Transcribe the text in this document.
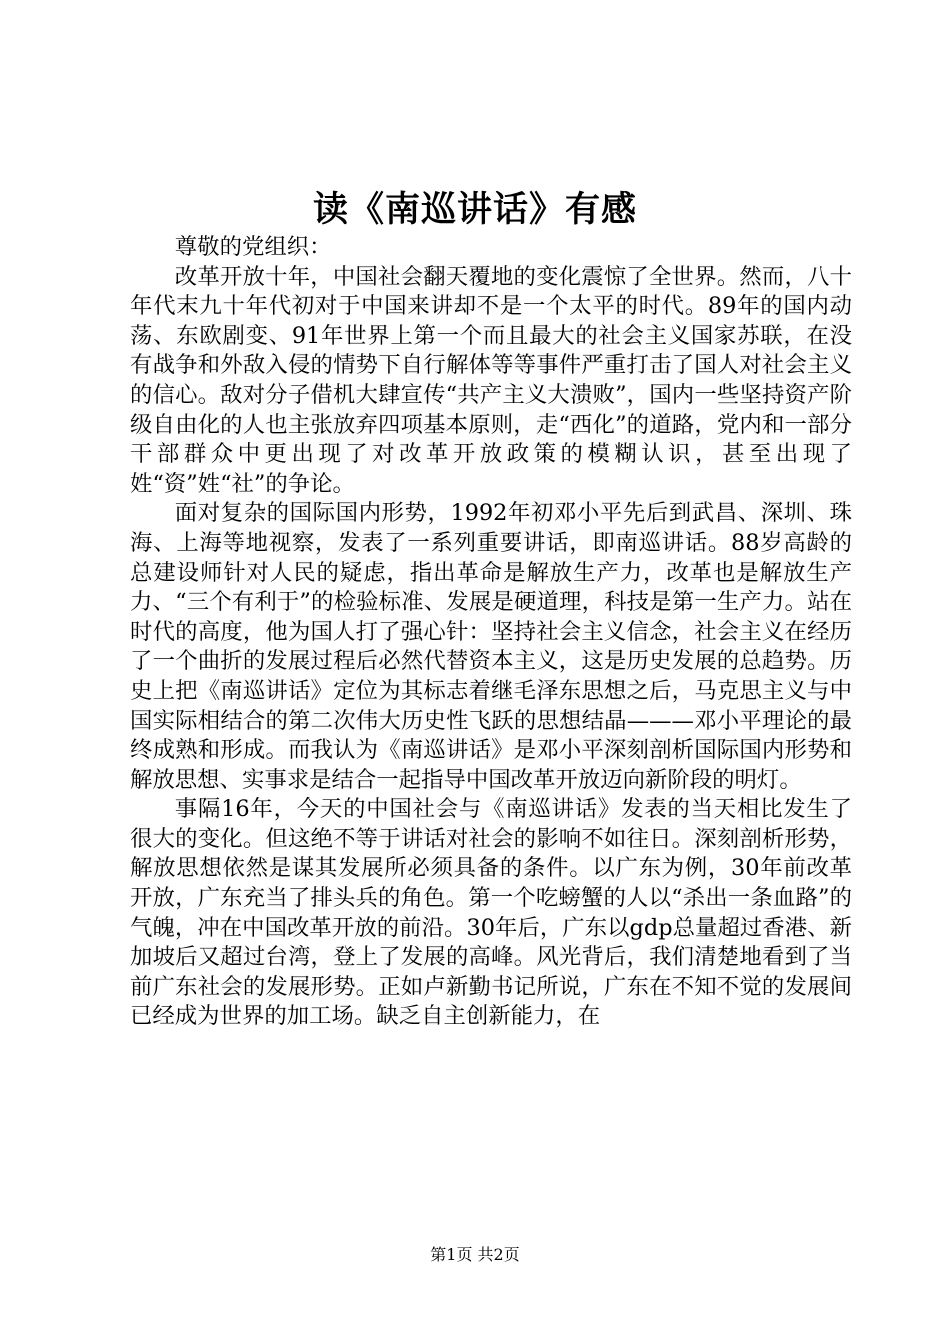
读《南巡讲话》有感

尊敬的党组织：

改革开放十年，中国社会翻天覆地的变化震惊了全世界。然而，八十年代末九十年代初对于中国来讲却不是一个太平的时代。89年的国内动荡、东欧剧变、91年世界上第一个而且最大的社会主义国家苏联，在没有战争和外敌入侵的情势下自行解体等等事件严重打击了国人对社会主义的信心。敌对分子借机大肆宣传“共产主义大溃败”，国内一些坚持资产阶级自由化的人也主张放弃四项基本原则，走“西化”的道路，党内和一部分干部群众中更出现了对改革开放政策的模糊认识，甚至出现了姓“资”姓“社”的争论。

面对复杂的国际国内形势，1992年初邓小平先后到武昌、深圳、珠海、上海等地视察，发表了一系列重要讲话，即南巡讲话。88岁高龄的总建设师针对人民的疑虑，指出革命是解放生产力，改革也是解放生产力、“三个有利于”的检验标准、发展是硬道理，科技是第一生产力。站在时代的高度，他为国人打了强心针：坚持社会主义信念，社会主义在经历了一个曲折的发展过程后必然代替资本主义，这是历史发展的总趋势。历史上把《南巡讲话》定位为其标志着继毛泽东思想之后，马克思主义与中国实际相结合的第二次伟大历史性飞跃的思想结晶———邓小平理论的最终成熟和形成。而我认为《南巡讲话》是邓小平深刻剖析国际国内形势和解放思想、实事求是结合一起指导中国改革开放迈向新阶段的明灯。

事隔16年，今天的中国社会与《南巡讲话》发表的当天相比发生了很大的变化。但这绝不等于讲话对社会的影响不如往日。深刻剖析形势，解放思想依然是谋其发展所必须具备的条件。以广东为例，30年前改革开放，广东充当了排头兵的角色。第一个吃螃蟹的人以“杀出一条血路”的气魄，冲在中国改革开放的前沿。30年后，广东以gdp总量超过香港、新加坡后又超过台湾，登上了发展的高峰。风光背后，我们清楚地看到了当前广东社会的发展形势。正如卢新勤书记所说，广东在不知不觉的发展间已经成为世界的加工场。缺乏自主创新能力，在

第1页 共2页
